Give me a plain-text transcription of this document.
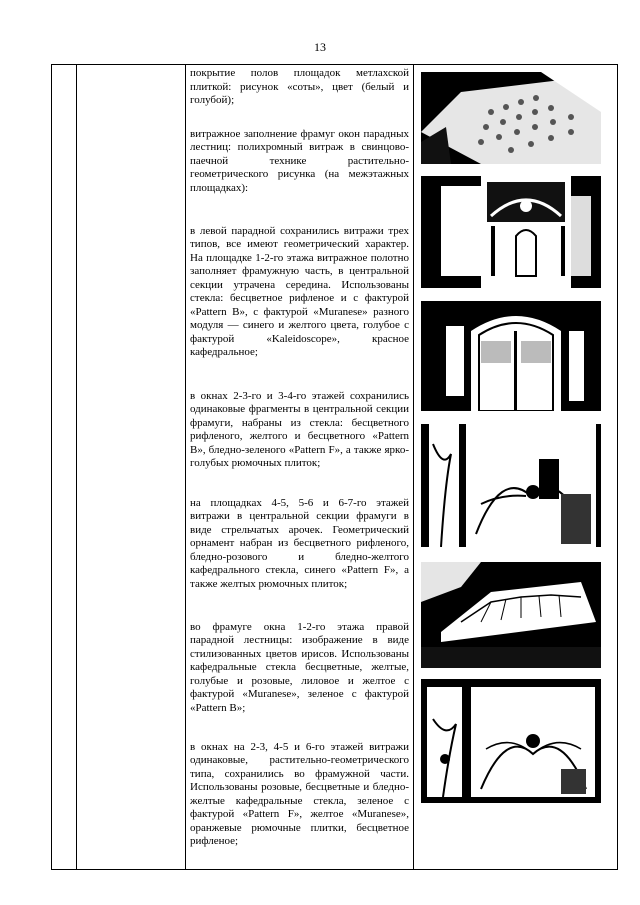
13

покрытие полов площадок метлахской плиткой: рисунок «соты», цвет (белый и голубой);

витражное заполнение фрамуг окон парадных лестниц: полихромный витраж в свинцово-паечной технике растительно-геометрического рисунка (на межэтажных площадках):

в левой парадной сохранились витражи трех типов, все имеют геометрический характер. На площадке 1-2-го этажа витражное полотно заполняет фрамужную часть, в центральной секции утрачена середина. Использованы стекла: бесцветное рифленое и с фактурой «Pattern B», с фактурой «Muranese» разного модуля — синего и желтого цвета, голубое с фактурой «Kaleidoscope», красное кафедральное;

в окнах 2-3-го и 3-4-го этажей сохранились одинаковые фрагменты в центральной секции фрамуги, набраны из стекла: бесцветного рифленого, желтого и бесцветного «Pattern B», бледно-зеленого «Pattern F», а также ярко-голубых рюмочных плиток;

на площадках 4-5, 5-6 и 6-7-го этажей витражи в центральной секции фрамуги в виде стрельчатых арочек. Геометрический орнамент набран из бесцветного рифленого, бледно-розового и бледно-желтого кафедрального стекла, синего «Pattern F», а также желтых рюмочных плиток;

во фрамуге окна 1-2-го этажа правой парадной лестницы: изображение в виде стилизованных цветов ирисов. Использованы кафедральные стекла бесцветные, желтые, голубые и розовые, лиловое и желтое с фактурой «Muranese», зеленое с фактурой «Pattern B»;

в окнах на 2-3, 4-5 и 6-го этажей витражи одинаковые, растительно-геометрического типа, сохранились во фрамужной части. Использованы розовые, бесцветные и бледно-желтые кафедральные стекла, зеленое с фактурой «Pattern F», желтое «Muranese», оранжевые рюмочные плитки, бесцветное рифленое;
